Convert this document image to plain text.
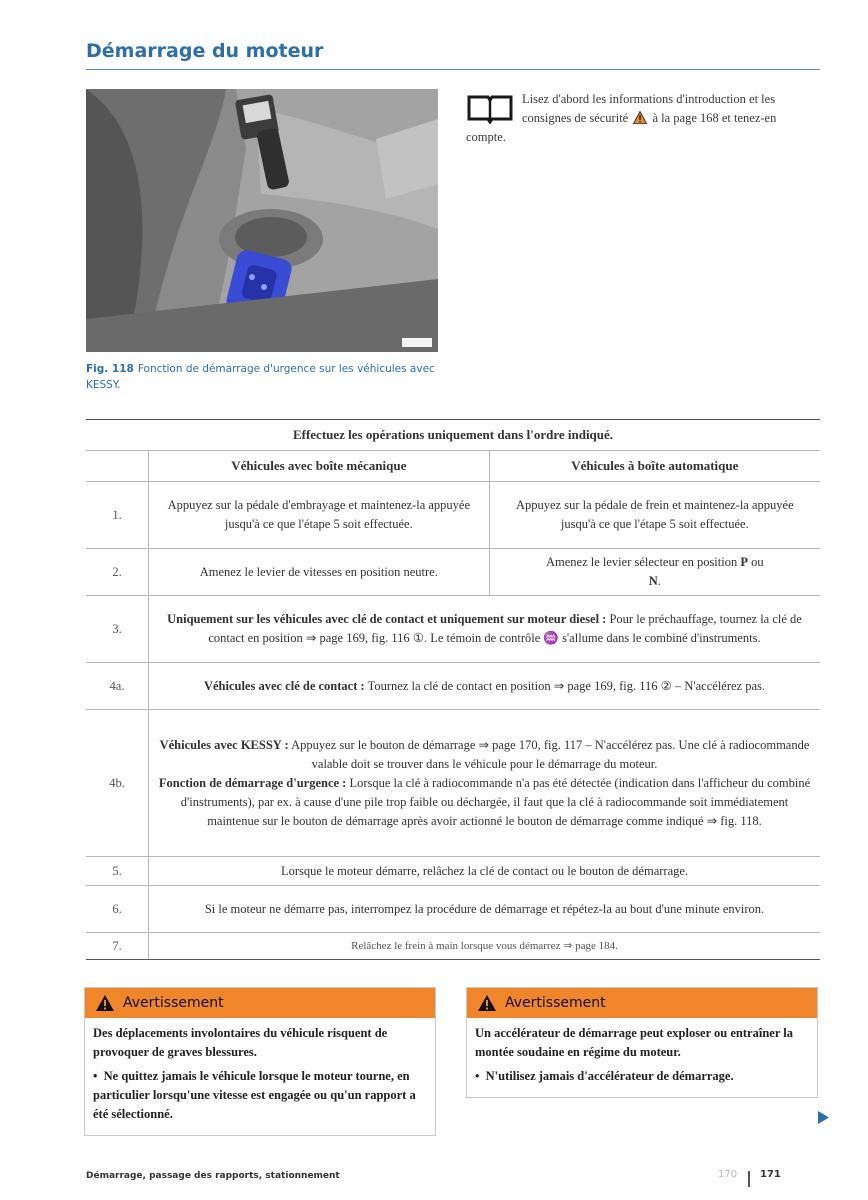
Démarrage du moteur
Fig. 118 Fonction de démarrage d'urgence sur les véhicules avec KESSY.
Lisez d'abord les informations d'introduction et les consignes de sécurité à la page 168 et tenez-en compte.
Effectuez les opérations uniquement dans l'ordre indiqué.		
	Véhicules avec boîte mécanique	Véhicules à boîte automatique
1.	Appuyez sur la pédale d'embrayage et maintenez-la appuyée jusqu'à ce que l'étape 5 soit effectuée.	Appuyez sur la pédale de frein et maintenez-la appuyée jusqu'à ce que l'étape 5 soit effectuée.
2.	Amenez le levier de vitesses en position neutre.	Amenez le levier sélecteur en position P ou
N.
3.	Uniquement sur les véhicules avec clé de contact et uniquement sur moteur diesel : Pour le préchauffage, tournez la clé de contact en position ⇒ page 169, fig. 116 ①. Le témoin de contrôle ⁠♒ s'allume dans le combiné d'instruments.	
4a.	Véhicules avec clé de contact : Tournez la clé de contact en position ⇒ page 169, fig. 116 ② – N'accélérez pas.	
4b.	Véhicules avec KESSY : Appuyez sur le bouton de démarrage ⇒ page 170, fig. 117 – N'accélérez pas. Une clé à radiocommande valable doit se trouver dans le véhicule pour le démarrage du moteur.
Fonction de démarrage d'urgence : Lorsque la clé à radiocommande n'a pas été détectée (indication dans l'afficheur du combiné d'instruments), par ex. à cause d'une pile trop faible ou déchargée, il faut que la clé à radiocommande soit immédiatement maintenue sur le bouton de démarrage après avoir actionné le bouton de démarrage comme indiqué ⇒ fig. 118.	
5.	Lorsque le moteur démarre, relâchez la clé de contact ou le bouton de démarrage.	
6.	Si le moteur ne démarre pas, interrompez la procédure de démarrage et répétez-la au bout d'une minute environ.	
7.	Relâchez le frein à main lorsque vous démarrez ⇒ page 184.	
Avertissement

Des déplacements involontaires du véhicule risquent de provoquer de graves blessures.

•  Ne quittez jamais le véhicule lorsque le moteur tourne, en particulier lorsqu'une vitesse est engagée ou qu'un rapport a été sélectionné.

Avertissement

Un accélérateur de démarrage peut exploser ou entraîner la montée soudaine en régime du moteur.

•  N'utilisez jamais d'accélérateur de démarrage.

Démarrage, passage des rapports, stationnement	170 171
